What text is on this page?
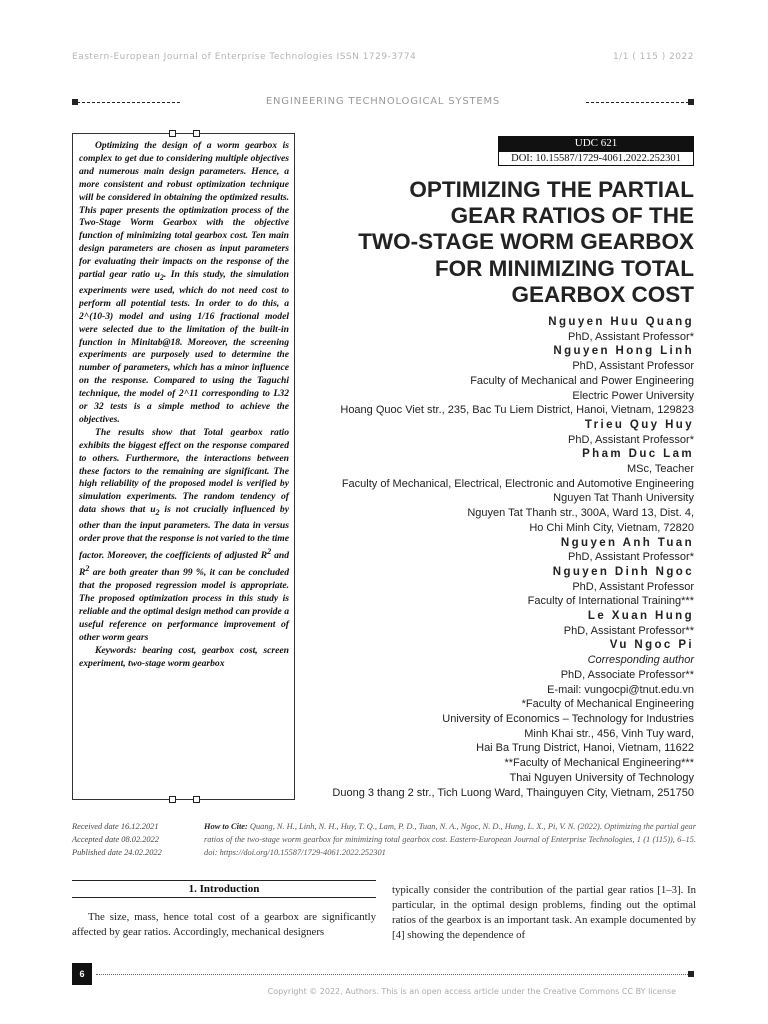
Eastern-European Journal of Enterprise Technologies ISSN 1729-3774	1/1 ( 115 ) 2022
ENGINEERING TECHNOLOGICAL SYSTEMS

Optimizing the design of a worm gearbox is complex to get due to considering multiple objectives and numerous main design parameters. Hence, a more consistent and robust optimization technique will be considered in obtaining the optimized results. This paper presents the optimization process of the Two-Stage Worm Gearbox with the objective function of minimizing total gearbox cost. Ten main design parameters are chosen as input parameters for evaluating their impacts on the response of the partial gear ratio $u_2$. In this study, the simulation experiments were used, which do not need cost to perform all potential tests. In order to do this, a 2^(10-3) model and using 1/16 fractional model were selected due to the limitation of the built-in function in Minitab@18. Moreover, the screening experiments are purposely used to determine the number of parameters, which has a minor influence on the response. Compared to using the Taguchi technique, the model of 2^11 corresponding to L32 or 32 tests is a simple method to achieve the objectives.

The results show that Total gearbox ratio exhibits the biggest effect on the response compared to others. Furthermore, the interactions between these factors to the remaining are significant. The high reliability of the proposed model is verified by simulation experiments. The random tendency of data shows that $u_2$ is not crucially influenced by other than the input parameters. The data in versus order prove that the response is not varied to the time factor. Moreover, the coefficients of adjusted $R^2$ and $R^2$ are both greater than 99 %, it can be concluded that the proposed regression model is appropriate. The proposed optimization process in this study is reliable and the optimal design method can provide a useful reference on performance improvement of other worm gears

Keywords: bearing cost, gearbox cost, screen experiment, two-stage worm gearbox

UDC 621
DOI: 10.15587/1729-4061.2022.252301
OPTIMIZING THE PARTIAL
GEAR RATIOS OF THE
TWO-STAGE WORM GEARBOX
FOR MINIMIZING TOTAL
GEARBOX COST
Nguyen Huu Quang
PhD, Assistant Professor*
Nguyen Hong Linh
PhD, Assistant Professor
Faculty of Mechanical and Power Engineering
Electric Power University
Hoang Quoc Viet str., 235, Bac Tu Liem District, Hanoi, Vietnam, 129823
Trieu Quy Huy
PhD, Assistant Professor*
Pham Duc Lam
MSc, Teacher
Faculty of Mechanical, Electrical, Electronic and Automotive Engineering
Nguyen Tat Thanh University
Nguyen Tat Thanh str., 300A, Ward 13, Dist. 4,
Ho Chi Minh City, Vietnam, 72820
Nguyen Anh Tuan
PhD, Assistant Professor*
Nguyen Dinh Ngoc
PhD, Assistant Professor
Faculty of International Training***
Le Xuan Hung
PhD, Assistant Professor**
Vu Ngoc Pi
Corresponding author
PhD, Associate Professor**
E-mail: vungocpi@tnut.edu.vn
*Faculty of Mechanical Engineering
University of Economics – Technology for Industries
Minh Khai str., 456, Vinh Tuy ward,
Hai Ba Trung District, Hanoi, Vietnam, 11622
**Faculty of Mechanical Engineering***
Thai Nguyen University of Technology
Duong 3 thang 2 str., Tich Luong Ward, Thainguyen City, Vietnam, 251750
Received date 16.12.2021
Accepted date 08.02.2022
Published date 24.02.2022
How to Cite: Quang, N. H., Linh, N. H., Huy, T. Q., Lam, P. D., Tuan, N. A., Ngoc, N. D., Hung, L. X., Pi, V. N. (2022). Optimizing the partial gear ratios of the two-stage worm gearbox for minimizing total gearbox cost. Eastern-European Journal of Enterprise Technologies, 1 (1 (115)), 6–15. doi: https://doi.org/10.15587/1729-4061.2022.252301
1. Introduction
The size, mass, hence total cost of a gearbox are significantly affected by gear ratios. Accordingly, mechanical designers
typically consider the contribution of the partial gear ratios [1–3]. In particular, in the optimal design problems, finding out the optimal ratios of the gearbox is an important task. An example documented by [4] showing the dependence of
6
Copyright © 2022, Authors. This is an open access article under the Creative Commons CC BY license
